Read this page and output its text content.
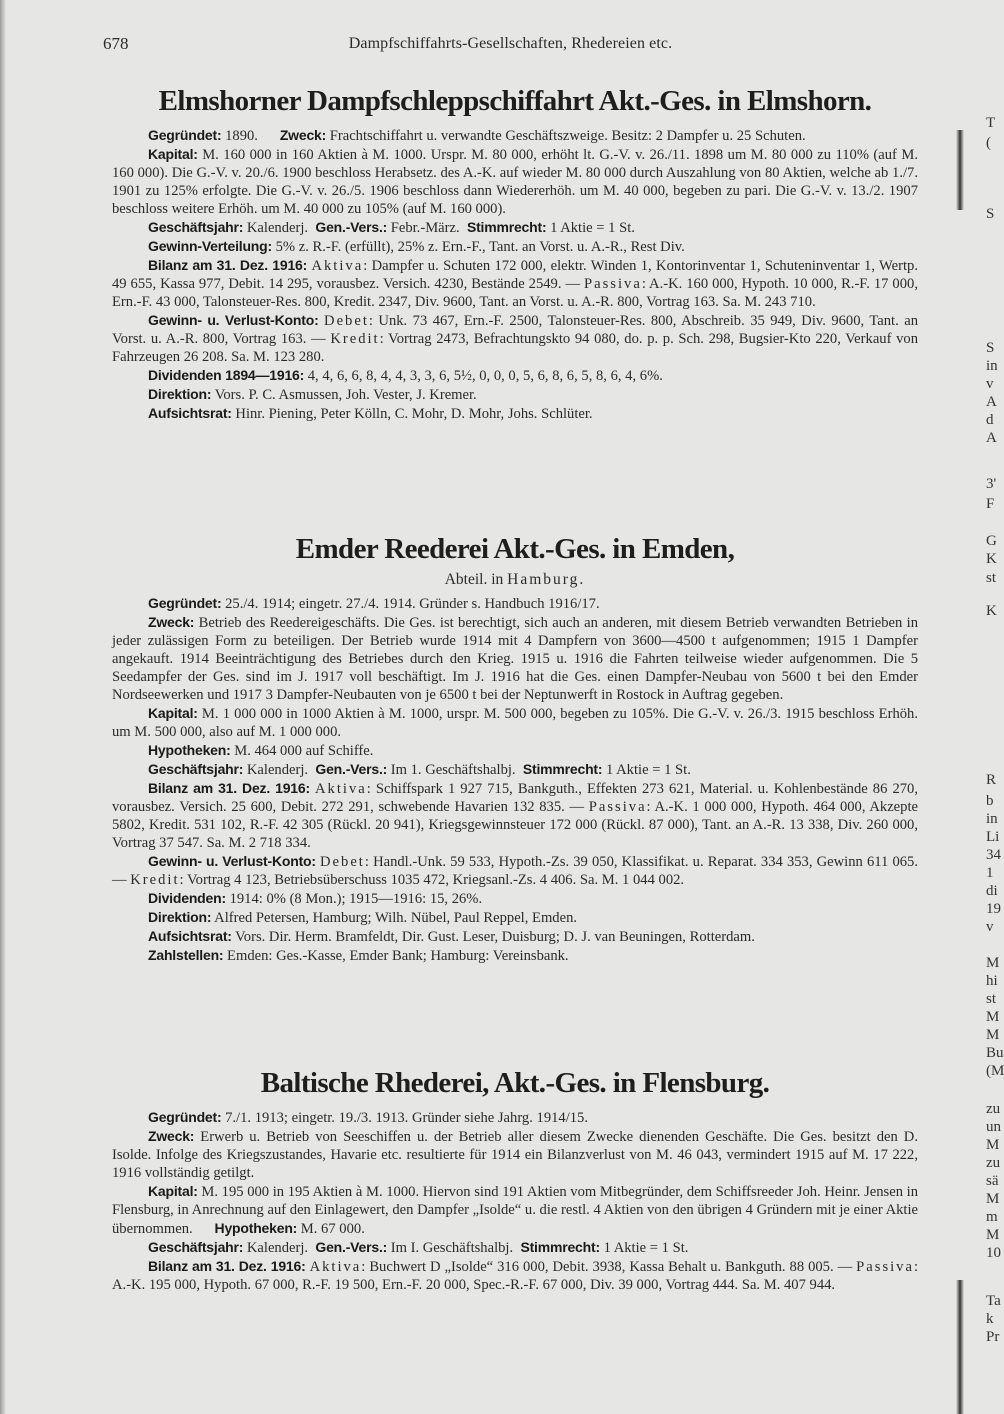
678	Dampfschiffahrts-Gesellschaften, Rhedereien etc.
Elmshorner Dampfschleppschiffahrt Akt.-Ges. in Elmshorn.

Gegründet: 1890.      Zweck: Frachtschiffahrt u. verwandte Geschäftszweige. Besitz: 2 Dampfer u. 25 Schuten.

Kapital: M. 160 000 in 160 Aktien à M. 1000. Urspr. M. 80 000, erhöht lt. G.-V. v. 26./11. 1898 um M. 80 000 zu 110% (auf M. 160 000). Die G.-V. v. 20./6. 1900 beschloss Herabsetz. des A.-K. auf wieder M. 80 000 durch Auszahlung von 80 Aktien, welche ab 1./7. 1901 zu 125% erfolgte. Die G.-V. v. 26./5. 1906 beschloss dann Wiedererhöh. um M. 40 000, begeben zu pari. Die G.-V. v. 13./2. 1907 beschloss weitere Erhöh. um M. 40 000 zu 105% (auf M. 160 000).

Geschäftsjahr: Kalenderj.  Gen.-Vers.: Febr.-März.  Stimmrecht: 1 Aktie = 1 St.

Gewinn-Verteilung: 5% z. R.-F. (erfüllt), 25% z. Ern.-F., Tant. an Vorst. u. A.-R., Rest Div.

Bilanz am 31. Dez. 1916: Aktiva: Dampfer u. Schuten 172 000, elektr. Winden 1, Kontorinventar 1, Schuteninventar 1, Wertp. 49 655, Kassa 977, Debit. 14 295, vorausbez. Versich. 4230, Bestände 2549. — Passiva: A.-K. 160 000, Hypoth. 10 000, R.-F. 17 000, Ern.-F. 43 000, Talonsteuer-Res. 800, Kredit. 2347, Div. 9600, Tant. an Vorst. u. A.-R. 800, Vortrag 163. Sa. M. 243 710.

Gewinn- u. Verlust-Konto: Debet: Unk. 73 467, Ern.-F. 2500, Talonsteuer-Res. 800, Abschreib. 35 949, Div. 9600, Tant. an Vorst. u. A.-R. 800, Vortrag 163. — Kredit: Vortrag 2473, Befrachtungskto 94 080, do. p. p. Sch. 298, Bugsier-Kto 220, Verkauf von Fahrzeugen 26 208. Sa. M. 123 280.

Dividenden 1894—1916: 4, 4, 6, 6, 8, 4, 4, 3, 3, 6, 5½, 0, 0, 0, 5, 6, 8, 6, 5, 8, 6, 4, 6%.

Direktion: Vors. P. C. Asmussen, Joh. Vester, J. Kremer.

Aufsichtsrat: Hinr. Piening, Peter Kölln, C. Mohr, D. Mohr, Johs. Schlüter.

Emder Reederei Akt.-Ges. in Emden,
Abteil. in Hamburg.

Gegründet: 25./4. 1914; eingetr. 27./4. 1914. Gründer s. Handbuch 1916/17.

Zweck: Betrieb des Reedereigeschäfts. Die Ges. ist berechtigt, sich auch an anderen, mit diesem Betrieb verwandten Betrieben in jeder zulässigen Form zu beteiligen. Der Betrieb wurde 1914 mit 4 Dampfern von 3600—4500 t aufgenommen; 1915 1 Dampfer angekauft. 1914 Beeinträchtigung des Betriebes durch den Krieg. 1915 u. 1916 die Fahrten teilweise wieder aufgenommen. Die 5 Seedampfer der Ges. sind im J. 1917 voll beschäftigt. Im J. 1916 hat die Ges. einen Dampfer-Neubau von 5600 t bei den Emder Nordseewerken und 1917 3 Dampfer-Neubauten von je 6500 t bei der Neptunwerft in Rostock in Auftrag gegeben.

Kapital: M. 1 000 000 in 1000 Aktien à M. 1000, urspr. M. 500 000, begeben zu 105%. Die G.-V. v. 26./3. 1915 beschloss Erhöh. um M. 500 000, also auf M. 1 000 000.

Hypotheken: M. 464 000 auf Schiffe.

Geschäftsjahr: Kalenderj.  Gen.-Vers.: Im 1. Geschäftshalbj.  Stimmrecht: 1 Aktie = 1 St.

Bilanz am 31. Dez. 1916: Aktiva: Schiffspark 1 927 715, Bankguth., Effekten 273 621, Material. u. Kohlenbestände 86 270, vorausbez. Versich. 25 600, Debit. 272 291, schwebende Havarien 132 835. — Passiva: A.-K. 1 000 000, Hypoth. 464 000, Akzepte 5802, Kredit. 531 102, R.-F. 42 305 (Rückl. 20 941), Kriegsgewinnsteuer 172 000 (Rückl. 87 000), Tant. an A.-R. 13 338, Div. 260 000, Vortrag 37 547. Sa. M. 2 718 334.

Gewinn- u. Verlust-Konto: Debet: Handl.-Unk. 59 533, Hypoth.-Zs. 39 050, Klassifikat. u. Reparat. 334 353, Gewinn 611 065. — Kredit: Vortrag 4 123, Betriebsüberschuss 1035 472, Kriegsanl.-Zs. 4 406. Sa. M. 1 044 002.

Dividenden: 1914: 0% (8 Mon.); 1915—1916: 15, 26%.

Direktion: Alfred Petersen, Hamburg; Wilh. Nübel, Paul Reppel, Emden.

Aufsichtsrat: Vors. Dir. Herm. Bramfeldt, Dir. Gust. Leser, Duisburg; D. J. van Beuningen, Rotterdam.

Zahlstellen: Emden: Ges.-Kasse, Emder Bank; Hamburg: Vereinsbank.

Baltische Rhederei, Akt.-Ges. in Flensburg.

Gegründet: 7./1. 1913; eingetr. 19./3. 1913. Gründer siehe Jahrg. 1914/15.

Zweck: Erwerb u. Betrieb von Seeschiffen u. der Betrieb aller diesem Zwecke dienenden Geschäfte. Die Ges. besitzt den D. Isolde. Infolge des Kriegszustandes, Havarie etc. resultierte für 1914 ein Bilanzverlust von M. 46 043, vermindert 1915 auf M. 17 222, 1916 vollständig getilgt.

Kapital: M. 195 000 in 195 Aktien à M. 1000. Hiervon sind 191 Aktien vom Mitbegründer, dem Schiffsreeder Joh. Heinr. Jensen in Flensburg, in Anrechnung auf den Einlagewert, den Dampfer „Isolde“ u. die restl. 4 Aktien von den übrigen 4 Gründern mit je einer Aktie übernommen.      Hypotheken: M. 67 000.

Geschäftsjahr: Kalenderj.  Gen.-Vers.: Im I. Geschäftshalbj.  Stimmrecht: 1 Aktie = 1 St.

Bilanz am 31. Dez. 1916: Aktiva: Buchwert D „Isolde“ 316 000, Debit. 3938, Kassa Behalt u. Bankguth. 88 005. — Passiva: A.-K. 195 000, Hypoth. 67 000, R.-F. 19 500, Ern.-F. 20 000, Spec.-R.-F. 67 000, Div. 39 000, Vortrag 444. Sa. M. 407 944.

T
(
S
S
in
v
A
d
A
3'
F
G
K
st
K
R
b
in
Li
34
1
di
19
v
M
hi
st
M
M
Bu
(M
zu
un
M
zu
sä
M
m
M
10
Ta
k
Pr
